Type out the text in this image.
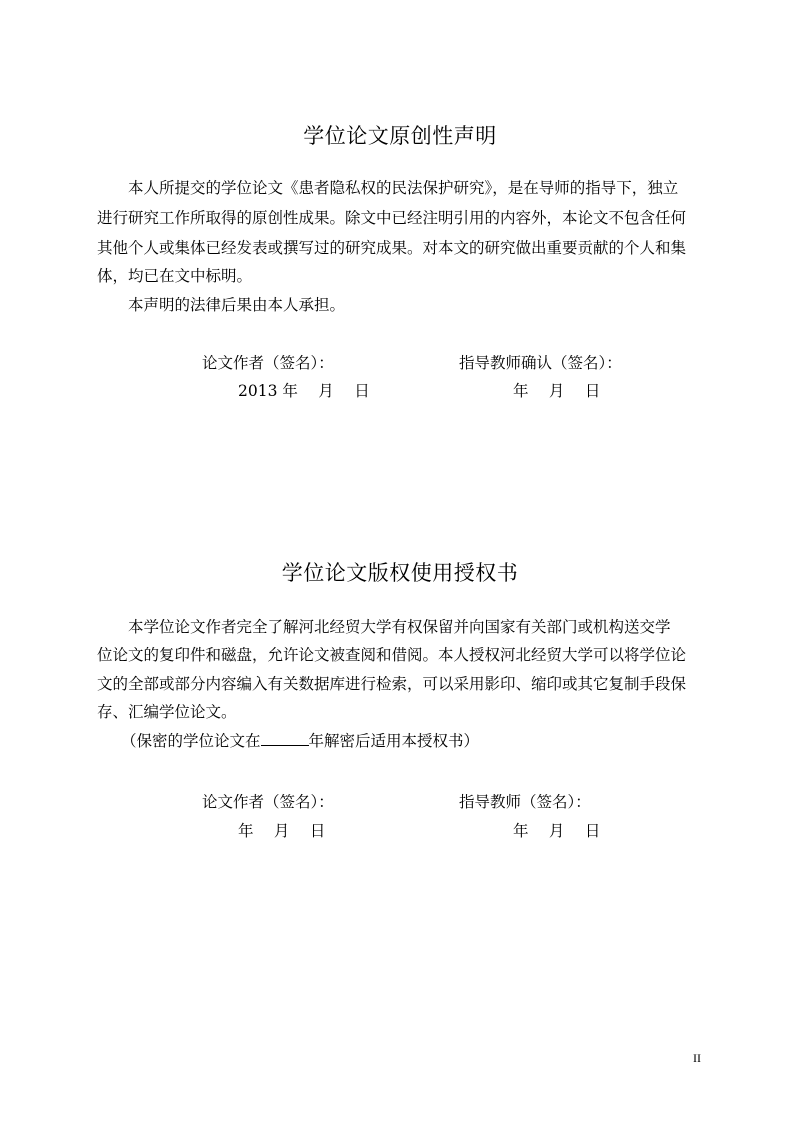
学位论文原创性声明
本人所提交的学位论文《患者隐私权的民法保护研究》，是在导师的指导下，独立
进行研究工作所取得的原创性成果。除文中已经注明引用的内容外，本论文不包含任何
其他个人或集体已经发表或撰写过的研究成果。对本文的研究做出重要贡献的个人和集
体，均已在文中标明。
本声明的法律后果由本人承担。
论文作者（签名）：	指导教师确认（签名）：
2013 年　 月　 日	年　 月　 日
学位论文版权使用授权书
本学位论文作者完全了解河北经贸大学有权保留并向国家有关部门或机构送交学
位论文的复印件和磁盘，允许论文被查阅和借阅。本人授权河北经贸大学可以将学位论
文的全部或部分内容编入有关数据库进行检索，可以采用影印、缩印或其它复制手段保
存、汇编学位论文。
（保密的学位论文在	年解密后适用本授权书）
论文作者（签名）：	指导教师（签名）：
年　 月　 日	年　 月　 日
II
